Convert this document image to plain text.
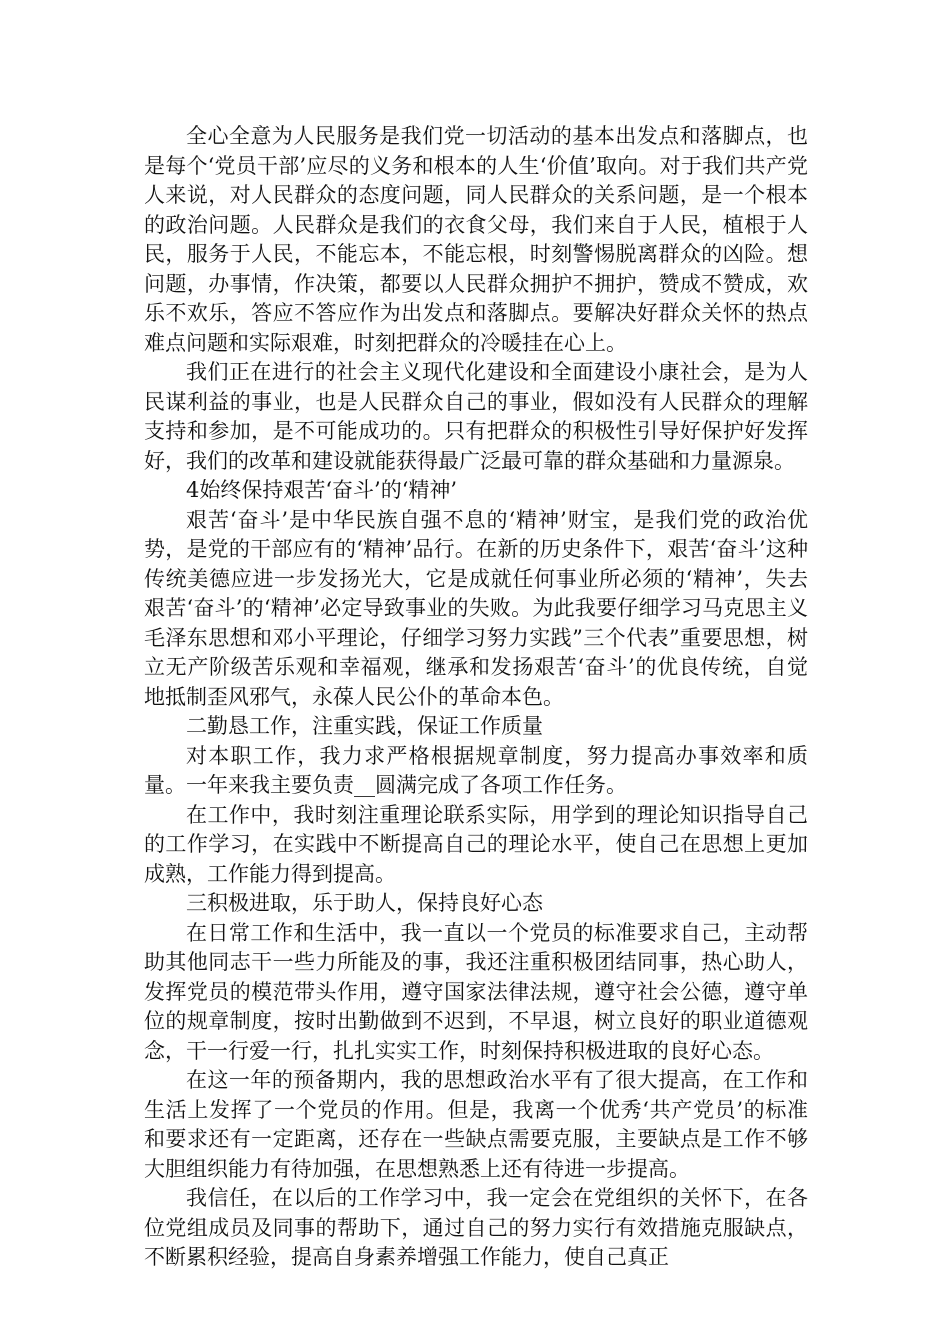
全心全意为人民服务是我们党一切活动的基本出发点和落脚点，也是每个‘党员干部’应尽的义务和根本的人生‘价值’取向。对于我们共产党人来说，对人民群众的态度问题，同人民群众的关系问题，是一个根本的政治问题。人民群众是我们的衣食父母，我们来自于人民，植根于人民，服务于人民，不能忘本，不能忘根，时刻警惕脱离群众的凶险。想问题，办事情，作决策，都要以人民群众拥护不拥护，赞成不赞成，欢乐不欢乐，答应不答应作为出发点和落脚点。要解决好群众关怀的热点难点问题和实际艰难，时刻把群众的冷暖挂在心上。

我们正在进行的社会主义现代化建设和全面建设小康社会，是为人民谋利益的事业，也是人民群众自己的事业，假如没有人民群众的理解支持和参加，是不可能成功的。只有把群众的积极性引导好保护好发挥好，我们的改革和建设就能获得最广泛最可靠的群众基础和力量源泉。

4始终保持艰苦‘奋斗’的‘精神’

艰苦‘奋斗’是中华民族自强不息的‘精神’财宝，是我们党的政治优势，是党的干部应有的‘精神’品行。在新的历史条件下，艰苦‘奋斗’这种传统美德应进一步发扬光大，它是成就任何事业所必须的‘精神’，失去艰苦‘奋斗’的‘精神’必定导致事业的失败。为此我要仔细学习马克思主义毛泽东思想和邓小平理论，仔细学习努力实践”三个代表”重要思想，树立无产阶级苦乐观和幸福观，继承和发扬艰苦‘奋斗’的优良传统，自觉地抵制歪风邪气，永葆人民公仆的革命本色。

二勤恳工作，注重实践，保证工作质量

对本职工作，我力求严格根据规章制度，努力提高办事效率和质量。一年来我主要负责__圆满完成了各项工作任务。

在工作中，我时刻注重理论联系实际，用学到的理论知识指导自己的工作学习，在实践中不断提高自己的理论水平，使自己在思想上更加成熟，工作能力得到提高。

三积极进取，乐于助人，保持良好心态

在日常工作和生活中，我一直以一个党员的标准要求自己，主动帮助其他同志干一些力所能及的事，我还注重积极团结同事，热心助人，发挥党员的模范带头作用，遵守国家法律法规，遵守社会公德，遵守单位的规章制度，按时出勤做到不迟到，不早退，树立良好的职业道德观念，干一行爱一行，扎扎实实工作，时刻保持积极进取的良好心态。

在这一年的预备期内，我的思想政治水平有了很大提高，在工作和生活上发挥了一个党员的作用。但是，我离一个优秀‘共产党员’的标准和要求还有一定距离，还存在一些缺点需要克服，主要缺点是工作不够大胆组织能力有待加强，在思想熟悉上还有待进一步提高。

我信任，在以后的工作学习中，我一定会在党组织的关怀下，在各位党组成员及同事的帮助下，通过自己的努力实行有效措施克服缺点，不断累积经验，提高自身素养增强工作能力，使自己真正
